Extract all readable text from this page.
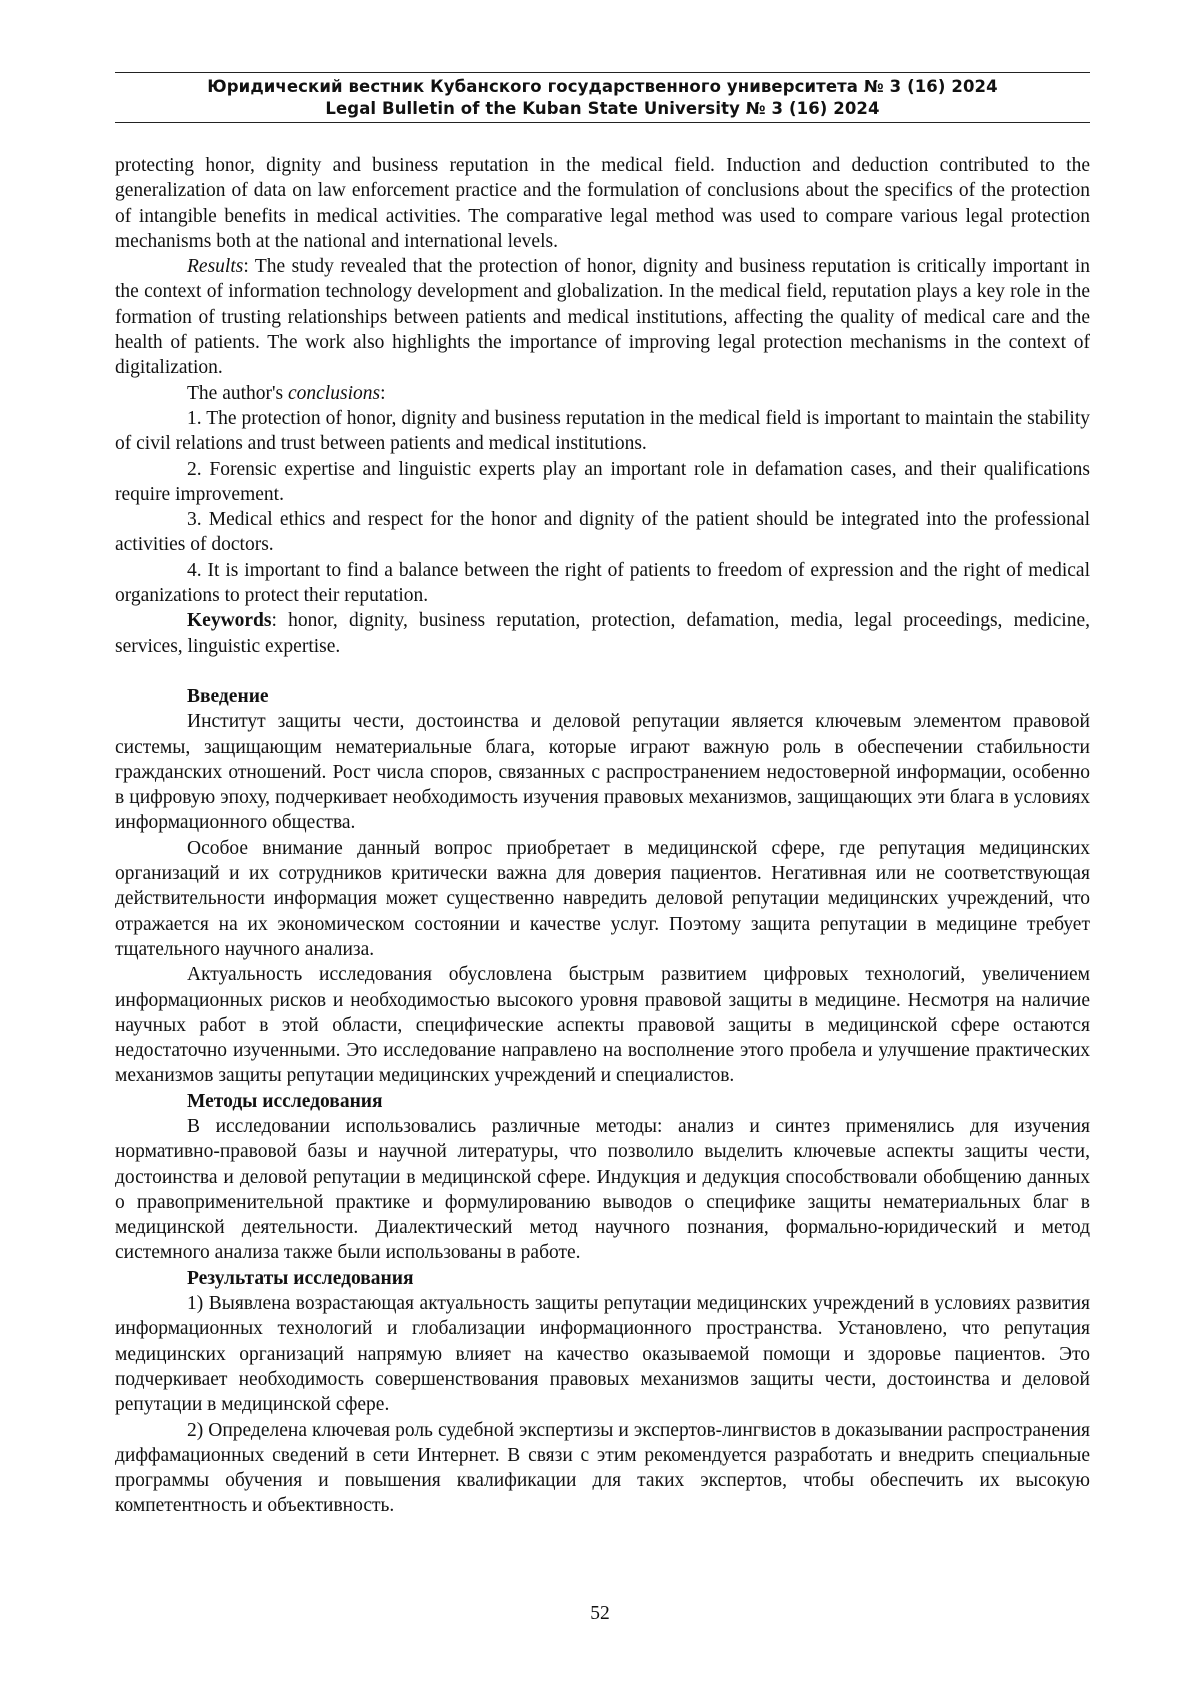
Юридический вестник Кубанского государственного университета № 3 (16) 2024
Legal Bulletin of the Kuban State University № 3 (16) 2024

protecting honor, dignity and business reputation in the medical field. Induction and deduction contributed to the generalization of data on law enforcement practice and the formulation of conclusions about the specifics of the protection of intangible benefits in medical activities. The comparative legal method was used to compare various legal protection mechanisms both at the national and international levels.

Results: The study revealed that the protection of honor, dignity and business reputation is critically important in the context of information technology development and globalization. In the medical field, reputation plays a key role in the formation of trusting relationships between patients and medical institutions, affecting the quality of medical care and the health of patients. The work also highlights the importance of improving legal protection mechanisms in the context of digitalization.

The author's conclusions:

1. The protection of honor, dignity and business reputation in the medical field is important to maintain the stability of civil relations and trust between patients and medical institutions.

2. Forensic expertise and linguistic experts play an important role in defamation cases, and their qualifications require improvement.

3. Medical ethics and respect for the honor and dignity of the patient should be integrated into the professional activities of doctors.

4. It is important to find a balance between the right of patients to freedom of expression and the right of medical organizations to protect their reputation.

Keywords: honor, dignity, business reputation, protection, defamation, media, legal proceedings, medicine, services, linguistic expertise.

Введение

Институт защиты чести, достоинства и деловой репутации является ключевым элементом правовой системы, защищающим нематериальные блага, которые играют важную роль в обеспечении стабильности гражданских отношений. Рост числа споров, связанных с распространением недостоверной информации, особенно в цифровую эпоху, подчеркивает необходимость изучения правовых механизмов, защищающих эти блага в условиях информационного общества.

Особое внимание данный вопрос приобретает в медицинской сфере, где репутация медицинских организаций и их сотрудников критически важна для доверия пациентов. Негативная или не соответствующая действительности информация может существенно навредить деловой репутации медицинских учреждений, что отражается на их экономическом состоянии и качестве услуг. Поэтому защита репутации в медицине требует тщательного научного анализа.

Актуальность исследования обусловлена быстрым развитием цифровых технологий, увеличением информационных рисков и необходимостью высокого уровня правовой защиты в медицине. Несмотря на наличие научных работ в этой области, специфические аспекты правовой защиты в медицинской сфере остаются недостаточно изученными. Это исследование направлено на восполнение этого пробела и улучшение практических механизмов защиты репутации медицинских учреждений и специалистов.

Методы исследования

В исследовании использовались различные методы: анализ и синтез применялись для изучения нормативно-правовой базы и научной литературы, что позволило выделить ключевые аспекты защиты чести, достоинства и деловой репутации в медицинской сфере. Индукция и дедукция способствовали обобщению данных о правоприменительной практике и формулированию выводов о специфике защиты нематериальных благ в медицинской деятельности. Диалектический метод научного познания, формально-юридический и метод системного анализа также были использованы в работе.

Результаты исследования

1) Выявлена возрастающая актуальность защиты репутации медицинских учреждений в условиях развития информационных технологий и глобализации информационного пространства. Установлено, что репутация медицинских организаций напрямую влияет на качество оказываемой помощи и здоровье пациентов. Это подчеркивает необходимость совершенствования правовых механизмов защиты чести, достоинства и деловой репутации в медицинской сфере.

2) Определена ключевая роль судебной экспертизы и экспертов-лингвистов в доказывании распространения диффамационных сведений в сети Интернет. В связи с этим рекомендуется разработать и внедрить специальные программы обучения и повышения квалификации для таких экспертов, чтобы обеспечить их высокую компетентность и объективность.

52
